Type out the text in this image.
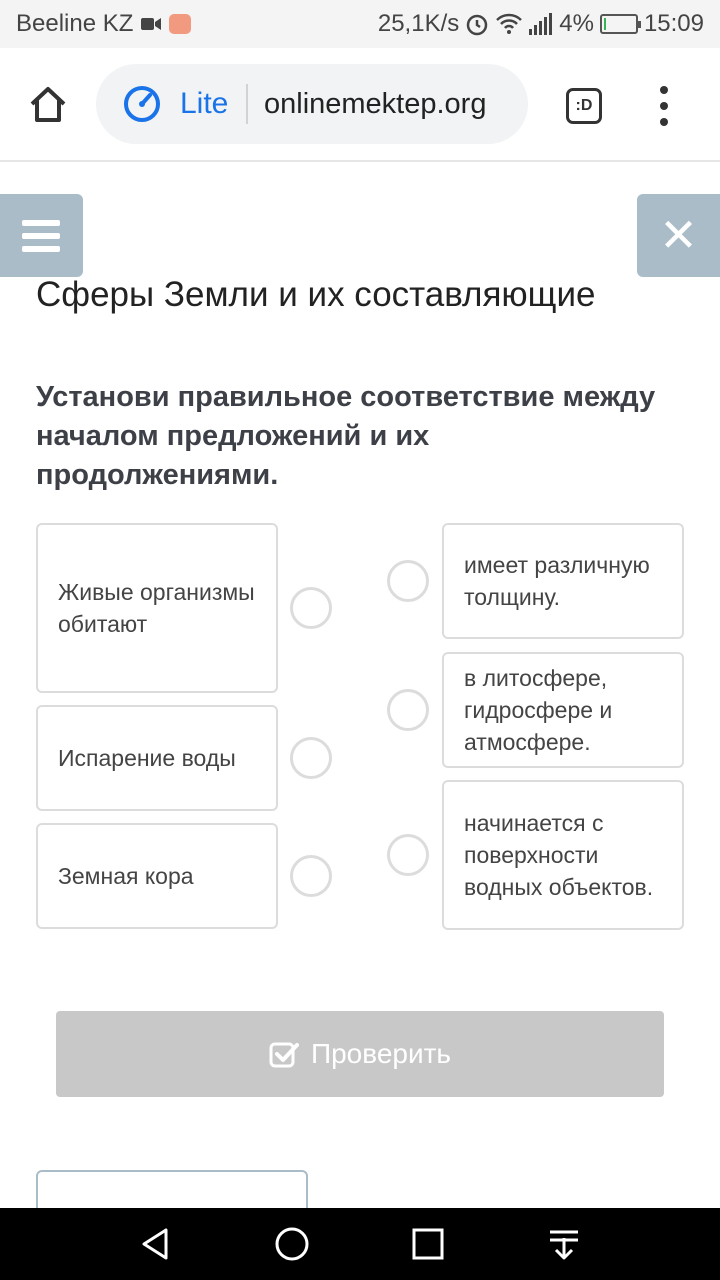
Beeline KZ	25,1K/s	4% 15:09
Lite onlinemektep.org	:D
✕
Сферы Земли и их составляющие
Установи правильное соответствие между началом предложений и их продолжениями.
Живые организмы обитают
Испарение воды
Земная кора
имеет различную толщину.
в литосфере, гидросфере и атмосфере.
начинается с поверхности водных объектов.
Проверить
